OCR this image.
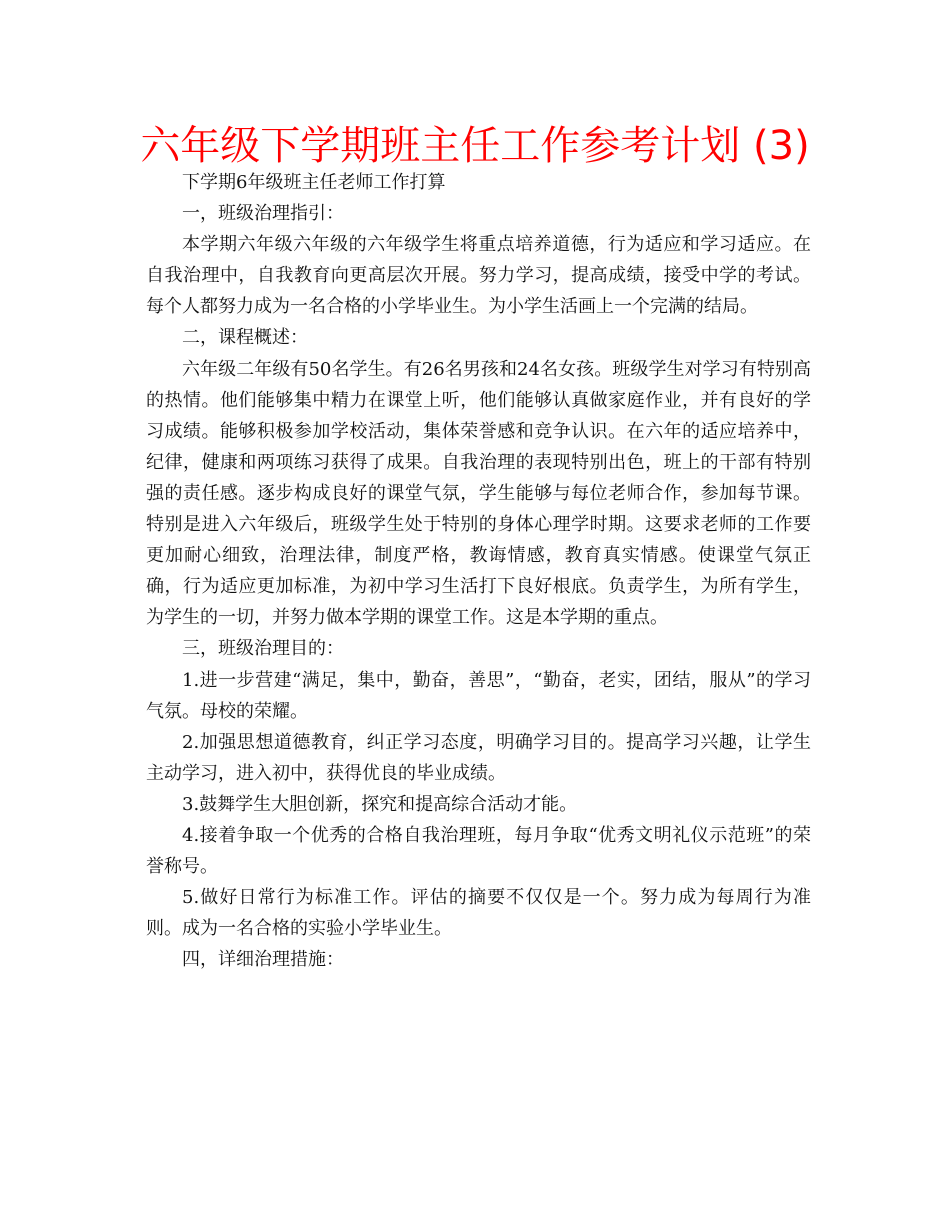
六年级下学期班主任工作参考计划 (3)

下学期6年级班主任老师工作打算

一，班级治理指引：

本学期六年级六年级的六年级学生将重点培养道德，行为适应和学习适应。在自我治理中，自我教育向更高层次开展。努力学习，提高成绩，接受中学的考试。每个人都努力成为一名合格的小学毕业生。为小学生活画上一个完满的结局。

二，课程概述：

六年级二年级有50名学生。有26名男孩和24名女孩。班级学生对学习有特别高的热情。他们能够集中精力在课堂上听，他们能够认真做家庭作业，并有良好的学习成绩。能够积极参加学校活动，集体荣誉感和竞争认识。在六年的适应培养中，纪律，健康和两项练习获得了成果。自我治理的表现特别出色，班上的干部有特别强的责任感。逐步构成良好的课堂气氛，学生能够与每位老师合作，参加每节课。特别是进入六年级后，班级学生处于特别的身体心理学时期。这要求老师的工作要更加耐心细致，治理法律，制度严格，教诲情感，教育真实情感。使课堂气氛正确，行为适应更加标准，为初中学习生活打下良好根底。负责学生，为所有学生，为学生的一切，并努力做本学期的课堂工作。这是本学期的重点。

三，班级治理目的：

1.进一步营建“满足，集中，勤奋，善思”，“勤奋，老实，团结，服从”的学习气氛。母校的荣耀。

2.加强思想道德教育，纠正学习态度，明确学习目的。提高学习兴趣，让学生主动学习，进入初中，获得优良的毕业成绩。

3.鼓舞学生大胆创新，探究和提高综合活动才能。

4.接着争取一个优秀的合格自我治理班，每月争取“优秀文明礼仪示范班”的荣誉称号。

5.做好日常行为标准工作。评估的摘要不仅仅是一个。努力成为每周行为准则。成为一名合格的实验小学毕业生。

四，详细治理措施：
